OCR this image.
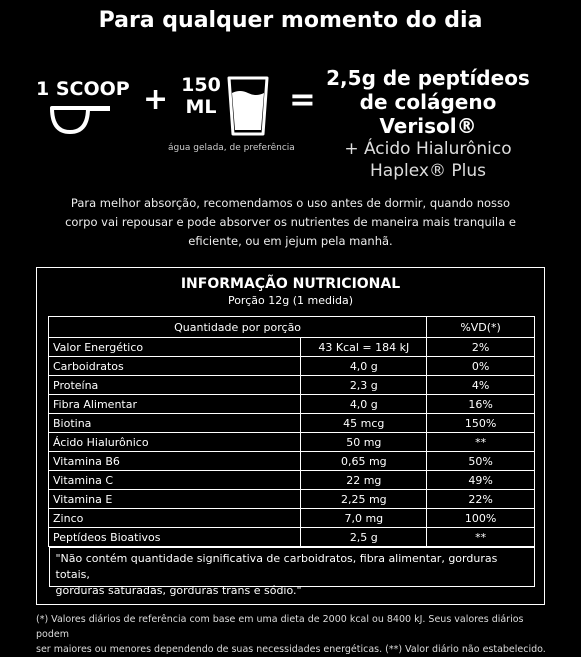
Para qualquer momento do dia
1 SCOOP + 150
ML
água gelada, de preferência
=
2,5g de peptídeos
de colágeno Verisol®
+ Ácido Hialurônico
Haplex® Plus
Para melhor absorção, recomendamos o uso antes de dormir, quando nosso
corpo vai repousar e pode absorver os nutrientes de maneira mais tranquila e
eficiente, ou em jejum pela manhã.
INFORMAÇÃO NUTRICIONAL
Porção 12g (1 medida)
Quantidade por porção		%VD(*)
Valor Energético	43 Kcal = 184 kJ	2%
Carboidratos	4,0 g	0%
Proteína	2,3 g	4%
Fibra Alimentar	4,0 g	16%
Biotina	45 mcg	150%
Ácido Hialurônico	50 mg	**
Vitamina B6	0,65 mg	50%
Vitamina C	22 mg	49%
Vitamina E	2,25 mg	22%
Zinco	7,0 mg	100%
Peptídeos Bioativos	2,5 g	**

"Não contém quantidade significativa de carboidratos, fibra alimentar, gorduras totais,
gorduras saturadas, gorduras trans e sódio."		
(*) Valores diários de referência com base em uma dieta de 2000 kcal ou 8400 kJ. Seus valores diários podem
ser maiores ou menores dependendo de suas necessidades energéticas. (**) Valor diário não estabelecido.
